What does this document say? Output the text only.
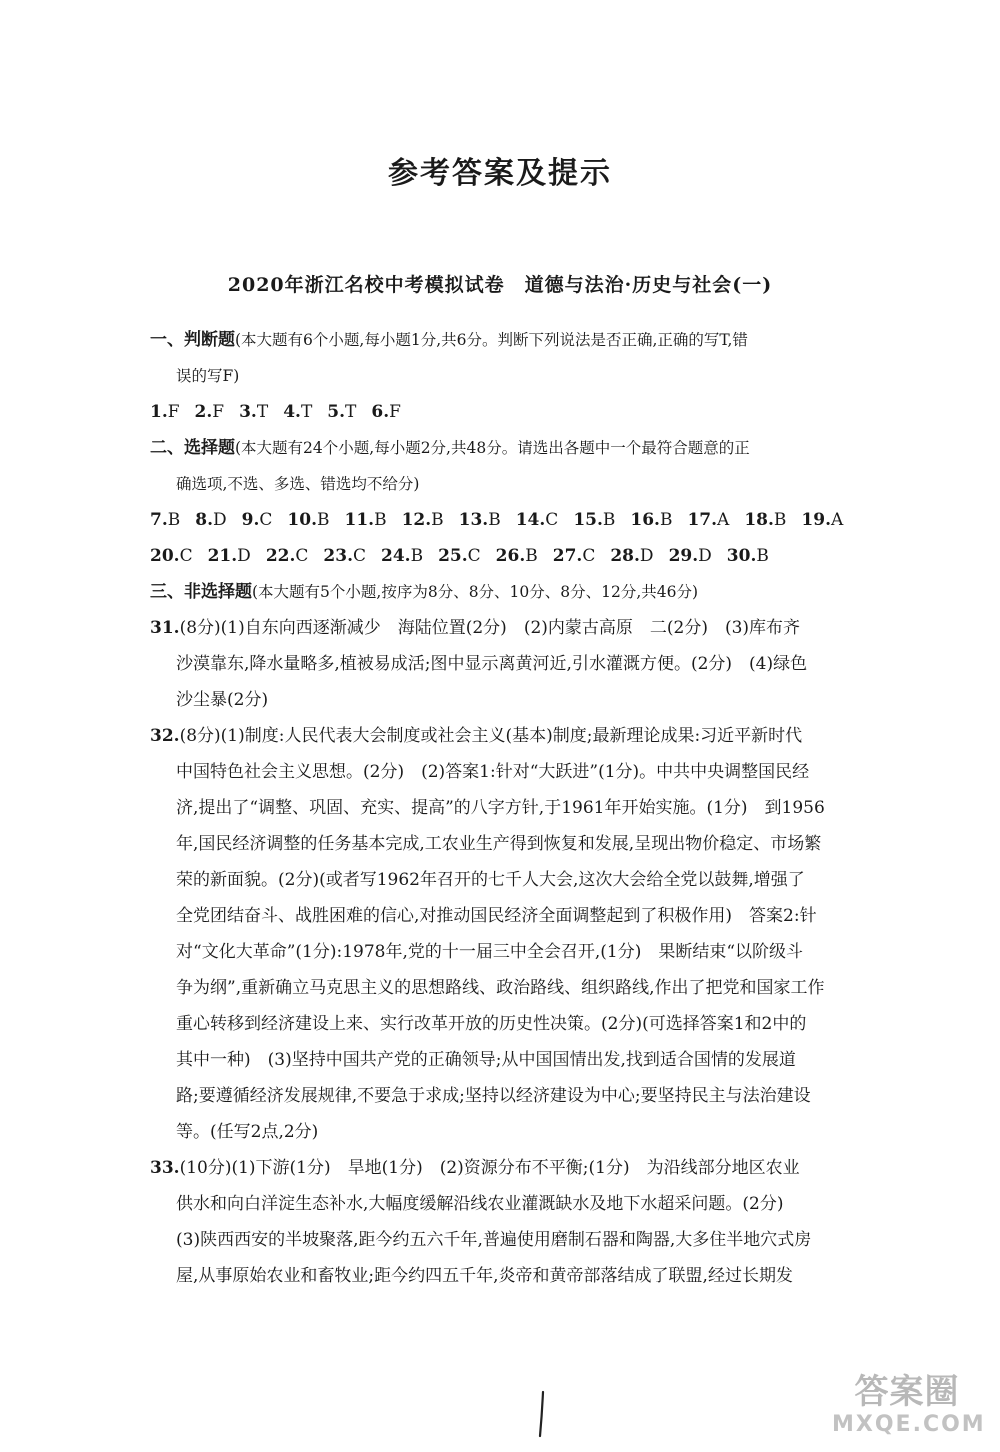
参考答案及提示
2020年浙江名校中考模拟试卷　道德与法治·历史与社会(一)
一、判断题(本大题有6个小题,每小题1分,共6分。判断下列说法是否正确,正确的写T,错
误的写F)
1.F 2.F 3.T 4.T 5.T 6.F
二、选择题(本大题有24个小题,每小题2分,共48分。请选出各题中一个最符合题意的正
确选项,不选、多选、错选均不给分)
7.B 8.D 9.C 10.B 11.B 12.B 13.B 14.C 15.B 16.B 17.A 18.B 19.A
20.C 21.D 22.C 23.C 24.B 25.C 26.B 27.C 28.D 29.D 30.B
三、非选择题(本大题有5个小题,按序为8分、8分、10分、8分、12分,共46分)
31.(8分)(1)自东向西逐渐减少　海陆位置(2分)　(2)内蒙古高原　二(2分)　(3)库布齐
沙漠靠东,降水量略多,植被易成活;图中显示离黄河近,引水灌溉方便。(2分)　(4)绿色
沙尘暴(2分)
32.(8分)(1)制度:人民代表大会制度或社会主义(基本)制度;最新理论成果:习近平新时代
中国特色社会主义思想。(2分)　(2)答案1:针对“大跃进”(1分)。中共中央调整国民经
济,提出了“调整、巩固、充实、提高”的八字方针,于1961年开始实施。(1分)　到1956
年,国民经济调整的任务基本完成,工农业生产得到恢复和发展,呈现出物价稳定、市场繁
荣的新面貌。(2分)(或者写1962年召开的七千人大会,这次大会给全党以鼓舞,增强了
全党团结奋斗、战胜困难的信心,对推动国民经济全面调整起到了积极作用)　答案2:针
对“文化大革命”(1分):1978年,党的十一届三中全会召开,(1分)　果断结束“以阶级斗
争为纲”,重新确立马克思主义的思想路线、政治路线、组织路线,作出了把党和国家工作
重心转移到经济建设上来、实行改革开放的历史性决策。(2分)(可选择答案1和2中的
其中一种)　(3)坚持中国共产党的正确领导;从中国国情出发,找到适合国情的发展道
路;要遵循经济发展规律,不要急于求成;坚持以经济建设为中心;要坚持民主与法治建设
等。(任写2点,2分)
33.(10分)(1)下游(1分)　旱地(1分)　(2)资源分布不平衡;(1分)　为沿线部分地区农业
供水和向白洋淀生态补水,大幅度缓解沿线农业灌溉缺水及地下水超采问题。(2分)
(3)陕西西安的半坡聚落,距今约五六千年,普遍使用磨制石器和陶器,大多住半地穴式房
屋,从事原始农业和畜牧业;距今约四五千年,炎帝和黄帝部落结成了联盟,经过长期发
答案圈
MXQE.COM
